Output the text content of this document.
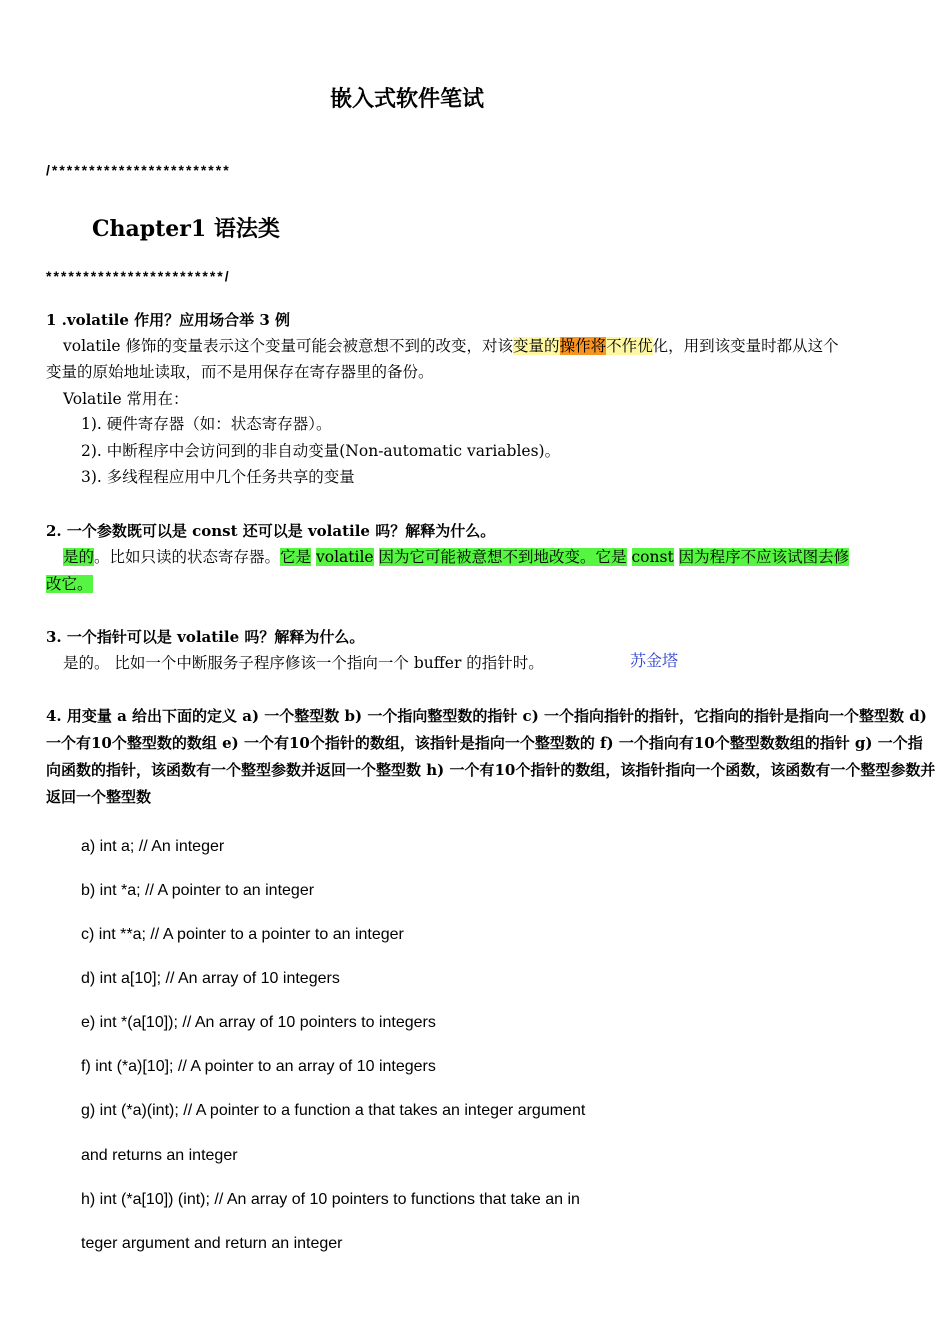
嵌入式软件笔试
/************************
Chapter1 语法类
************************/
1 .volatile 作用？应用场合举 3 例
volatile 修饰的变量表示这个变量可能会被意想不到的改变，对该变量的操作将不作优化，用到该变量时都从这个
变量的原始地址读取，而不是用保存在寄存器里的备份。
Volatile 常用在：
1). 硬件寄存器（如：状态寄存器）。
2). 中断程序中会访问到的非自动变量(Non-automatic variables)。
3). 多线程程应用中几个任务共享的变量
2. 一个参数既可以是 const 还可以是 volatile 吗？解释为什么。
是的。比如只读的状态寄存器。它是 volatile 因为它可能被意想不到地改变。它是 const 因为程序不应该试图去修
改它。
3. 一个指针可以是 volatile 吗？解释为什么。
是的。 比如一个中断服务子程序修该一个指向一个 buffer 的指针时。	苏金塔
4. 用变量 a 给出下面的定义 a) 一个整型数 b) 一个指向整型数的指针 c) 一个指向指针的指针，它指向的指针是指向一个整型数 d) 一个有10个整型数的数组 e) 一个有10个指针的数组，该指针是指向一个整型数的 f) 一个指向有10个整型数数组的指针 g) 一个指向函数的指针，该函数有一个整型参数并返回一个整型数 h) 一个有10个指针的数组，该指针指向一个函数，该函数有一个整型参数并返回一个整型数
a) int a; // An integer
b) int *a; // A pointer to an integer
c) int **a; // A pointer to a pointer to an integer
d) int a[10]; // An array of 10 integers
e) int *(a[10]); // An array of 10 pointers to integers
f) int (*a)[10]; // A pointer to an array of 10 integers
g) int (*a)(int); // A pointer to a function a that takes an integer argument
and returns an integer
h) int (*a[10]) (int); // An array of 10 pointers to functions that take an in
teger argument and return an integer
